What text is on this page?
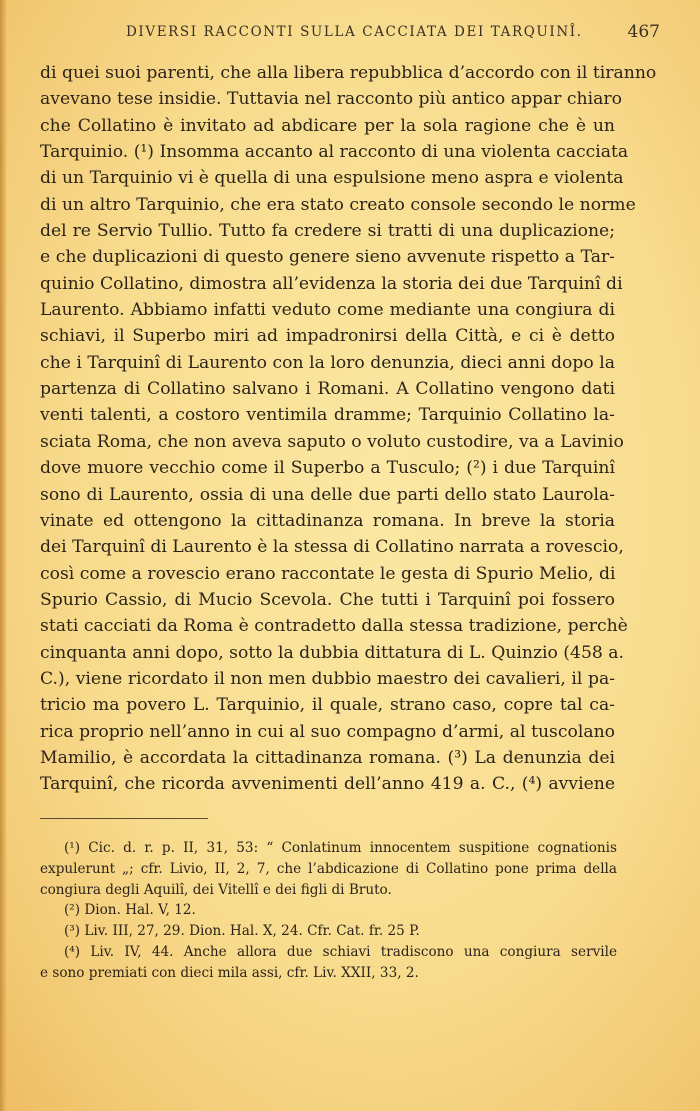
DIVERSI RACCONTI SULLA CACCIATA DEI TARQUINÎ.	467
di quei suoi parenti, che alla libera repubblica d’accordo con il tiranno
avevano tese insidie. Tuttavia nel racconto più antico appar chiaro
che Collatino è invitato ad abdicare per la sola ragione che è un
Tarquinio. (¹) Insomma accanto al racconto di una violenta cacciata
di un Tarquinio vi è quella di una espulsione meno aspra e violenta
di un altro Tarquinio, che era stato creato console secondo le norme
del re Servio Tullio. Tutto fa credere si tratti di una duplicazione;
e che duplicazioni di questo genere sieno avvenute rispetto a Tar-
quinio Collatino, dimostra all’evidenza la storia dei due Tarquinî di
Laurento. Abbiamo infatti veduto come mediante una congiura di
schiavi, il Superbo miri ad impadronirsi della Città, e ci è detto
che i Tarquinî di Laurento con la loro denunzia, dieci anni dopo la
partenza di Collatino salvano i Romani. A Collatino vengono dati
venti talenti, a costoro ventimila dramme; Tarquinio Collatino la-
sciata Roma, che non aveva saputo o voluto custodire, va a Lavinio
dove muore vecchio come il Superbo a Tusculo; (²) i due Tarquinî
sono di Laurento, ossia di una delle due parti dello stato Laurola-
vinate ed ottengono la cittadinanza romana. In breve la storia
dei Tarquinî di Laurento è la stessa di Collatino narrata a rovescio,
così come a rovescio erano raccontate le gesta di Spurio Melio, di
Spurio Cassio, di Mucio Scevola. Che tutti i Tarquinî poi fossero
stati cacciati da Roma è contradetto dalla stessa tradizione, perchè
cinquanta anni dopo, sotto la dubbia dittatura di L. Quinzio (458 a.
C.), viene ricordato il non men dubbio maestro dei cavalieri, il pa-
tricio ma povero L. Tarquinio, il quale, strano caso, copre tal ca-
rica proprio nell’anno in cui al suo compagno d’armi, al tuscolano
Mamilio, è accordata la cittadinanza romana. (³) La denunzia dei
Tarquinî, che ricorda avvenimenti dell’anno 419 a. C., (⁴) avviene
(¹) Cic. d. r. p. II, 31, 53: “ Conlatinum innocentem suspitione cognationis
expulerunt „; cfr. Livio, II, 2, 7, che l’abdicazione di Collatino pone prima della
congiura degli Aquilî, dei Vitellî e dei figli di Bruto.
(²) Dion. Hal. V, 12.
(³) Liv. III, 27, 29. Dion. Hal. X, 24. Cfr. Cat. fr. 25 P.
(⁴) Liv. IV, 44. Anche allora due schiavi tradiscono una congiura servile
e sono premiati con dieci mila assi, cfr. Liv. XXII, 33, 2.
